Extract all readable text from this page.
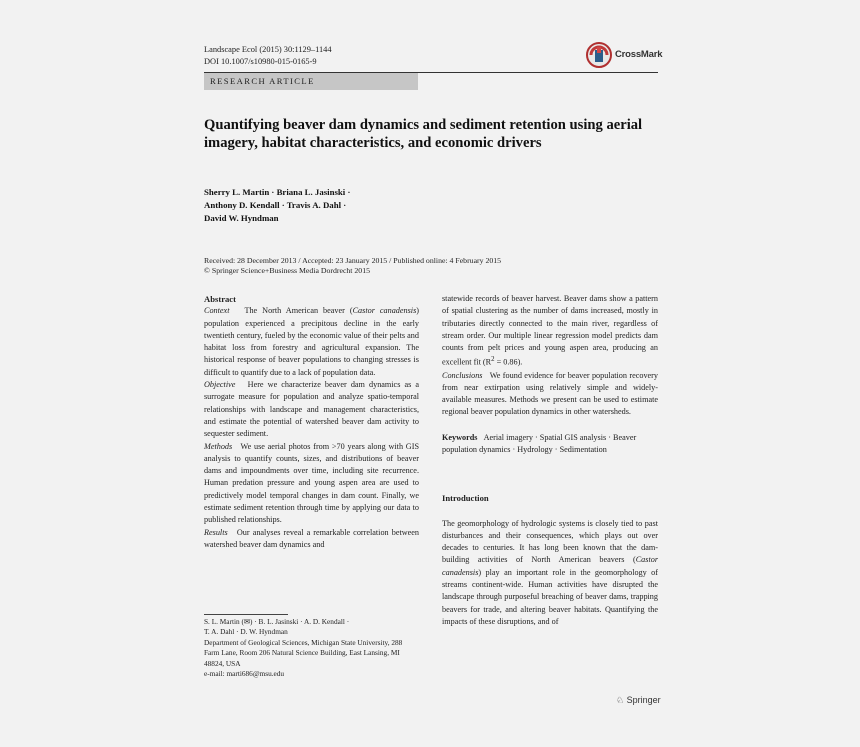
Landscape Ecol (2015) 30:1129–1144
DOI 10.1007/s10980-015-0165-9
CrossMark
RESEARCH ARTICLE
Quantifying beaver dam dynamics and sediment retention using aerial imagery, habitat characteristics, and economic drivers
Sherry L. Martin · Briana L. Jasinski ·
Anthony D. Kendall · Travis A. Dahl ·
David W. Hyndman
Received: 28 December 2013 / Accepted: 23 January 2015 / Published online: 4 February 2015
© Springer Science+Business Media Dordrecht 2015

Abstract

Context The North American beaver (Castor canadensis) population experienced a precipitous decline in the early twentieth century, fueled by the economic value of their pelts and habitat loss from forestry and agricultural expansion. The historical response of beaver populations to changing stresses is difficult to quantify due to a lack of population data.

Objective Here we characterize beaver dam dynamics as a surrogate measure for population and analyze spatio-temporal relationships with landscape and management characteristics, and estimate the potential of watershed beaver dam activity to sequester sediment.

Methods We use aerial photos from >70 years along with GIS analysis to quantify counts, sizes, and distributions of beaver dams and impoundments over time, including site recurrence. Human predation pressure and young aspen area are used to predictively model temporal changes in dam count. Finally, we estimate sediment retention through time by applying our data to published relationships.

Results Our analyses reveal a remarkable correlation between watershed beaver dam dynamics and

statewide records of beaver harvest. Beaver dams show a pattern of spatial clustering as the number of dams increased, mostly in tributaries directly connected to the main river, regardless of stream order. Our multiple linear regression model predicts dam counts from pelt prices and young aspen area, producing an excellent fit $(R^2 = 0.86)$.

Conclusions We found evidence for beaver population recovery from near extirpation using relatively simple and widely-available measures. Methods we present can be used to estimate regional beaver population dynamics in other watersheds.

Keywords Aerial imagery · Spatial GIS analysis · Beaver population dynamics · Hydrology · Sedimentation

Introduction

The geomorphology of hydrologic systems is closely tied to past disturbances and their consequences, which plays out over decades to centuries. It has long been known that the dam-building activities of North American beavers (Castor canadensis) play an important role in the geomorphology of streams continent-wide. Human activities have disrupted the landscape through purposeful breaching of beaver dams, trapping beavers for trade, and altering beaver habitats. Quantifying the impacts of these disruptions, and of

S. L. Martin (✉) · B. L. Jasinski · A. D. Kendall ·
T. A. Dahl · D. W. Hyndman
Department of Geological Sciences, Michigan State University, 288 Farm Lane, Room 206 Natural Science Building, East Lansing, MI 48824, USA
e-mail: marti686@msu.edu
♘ Springer
